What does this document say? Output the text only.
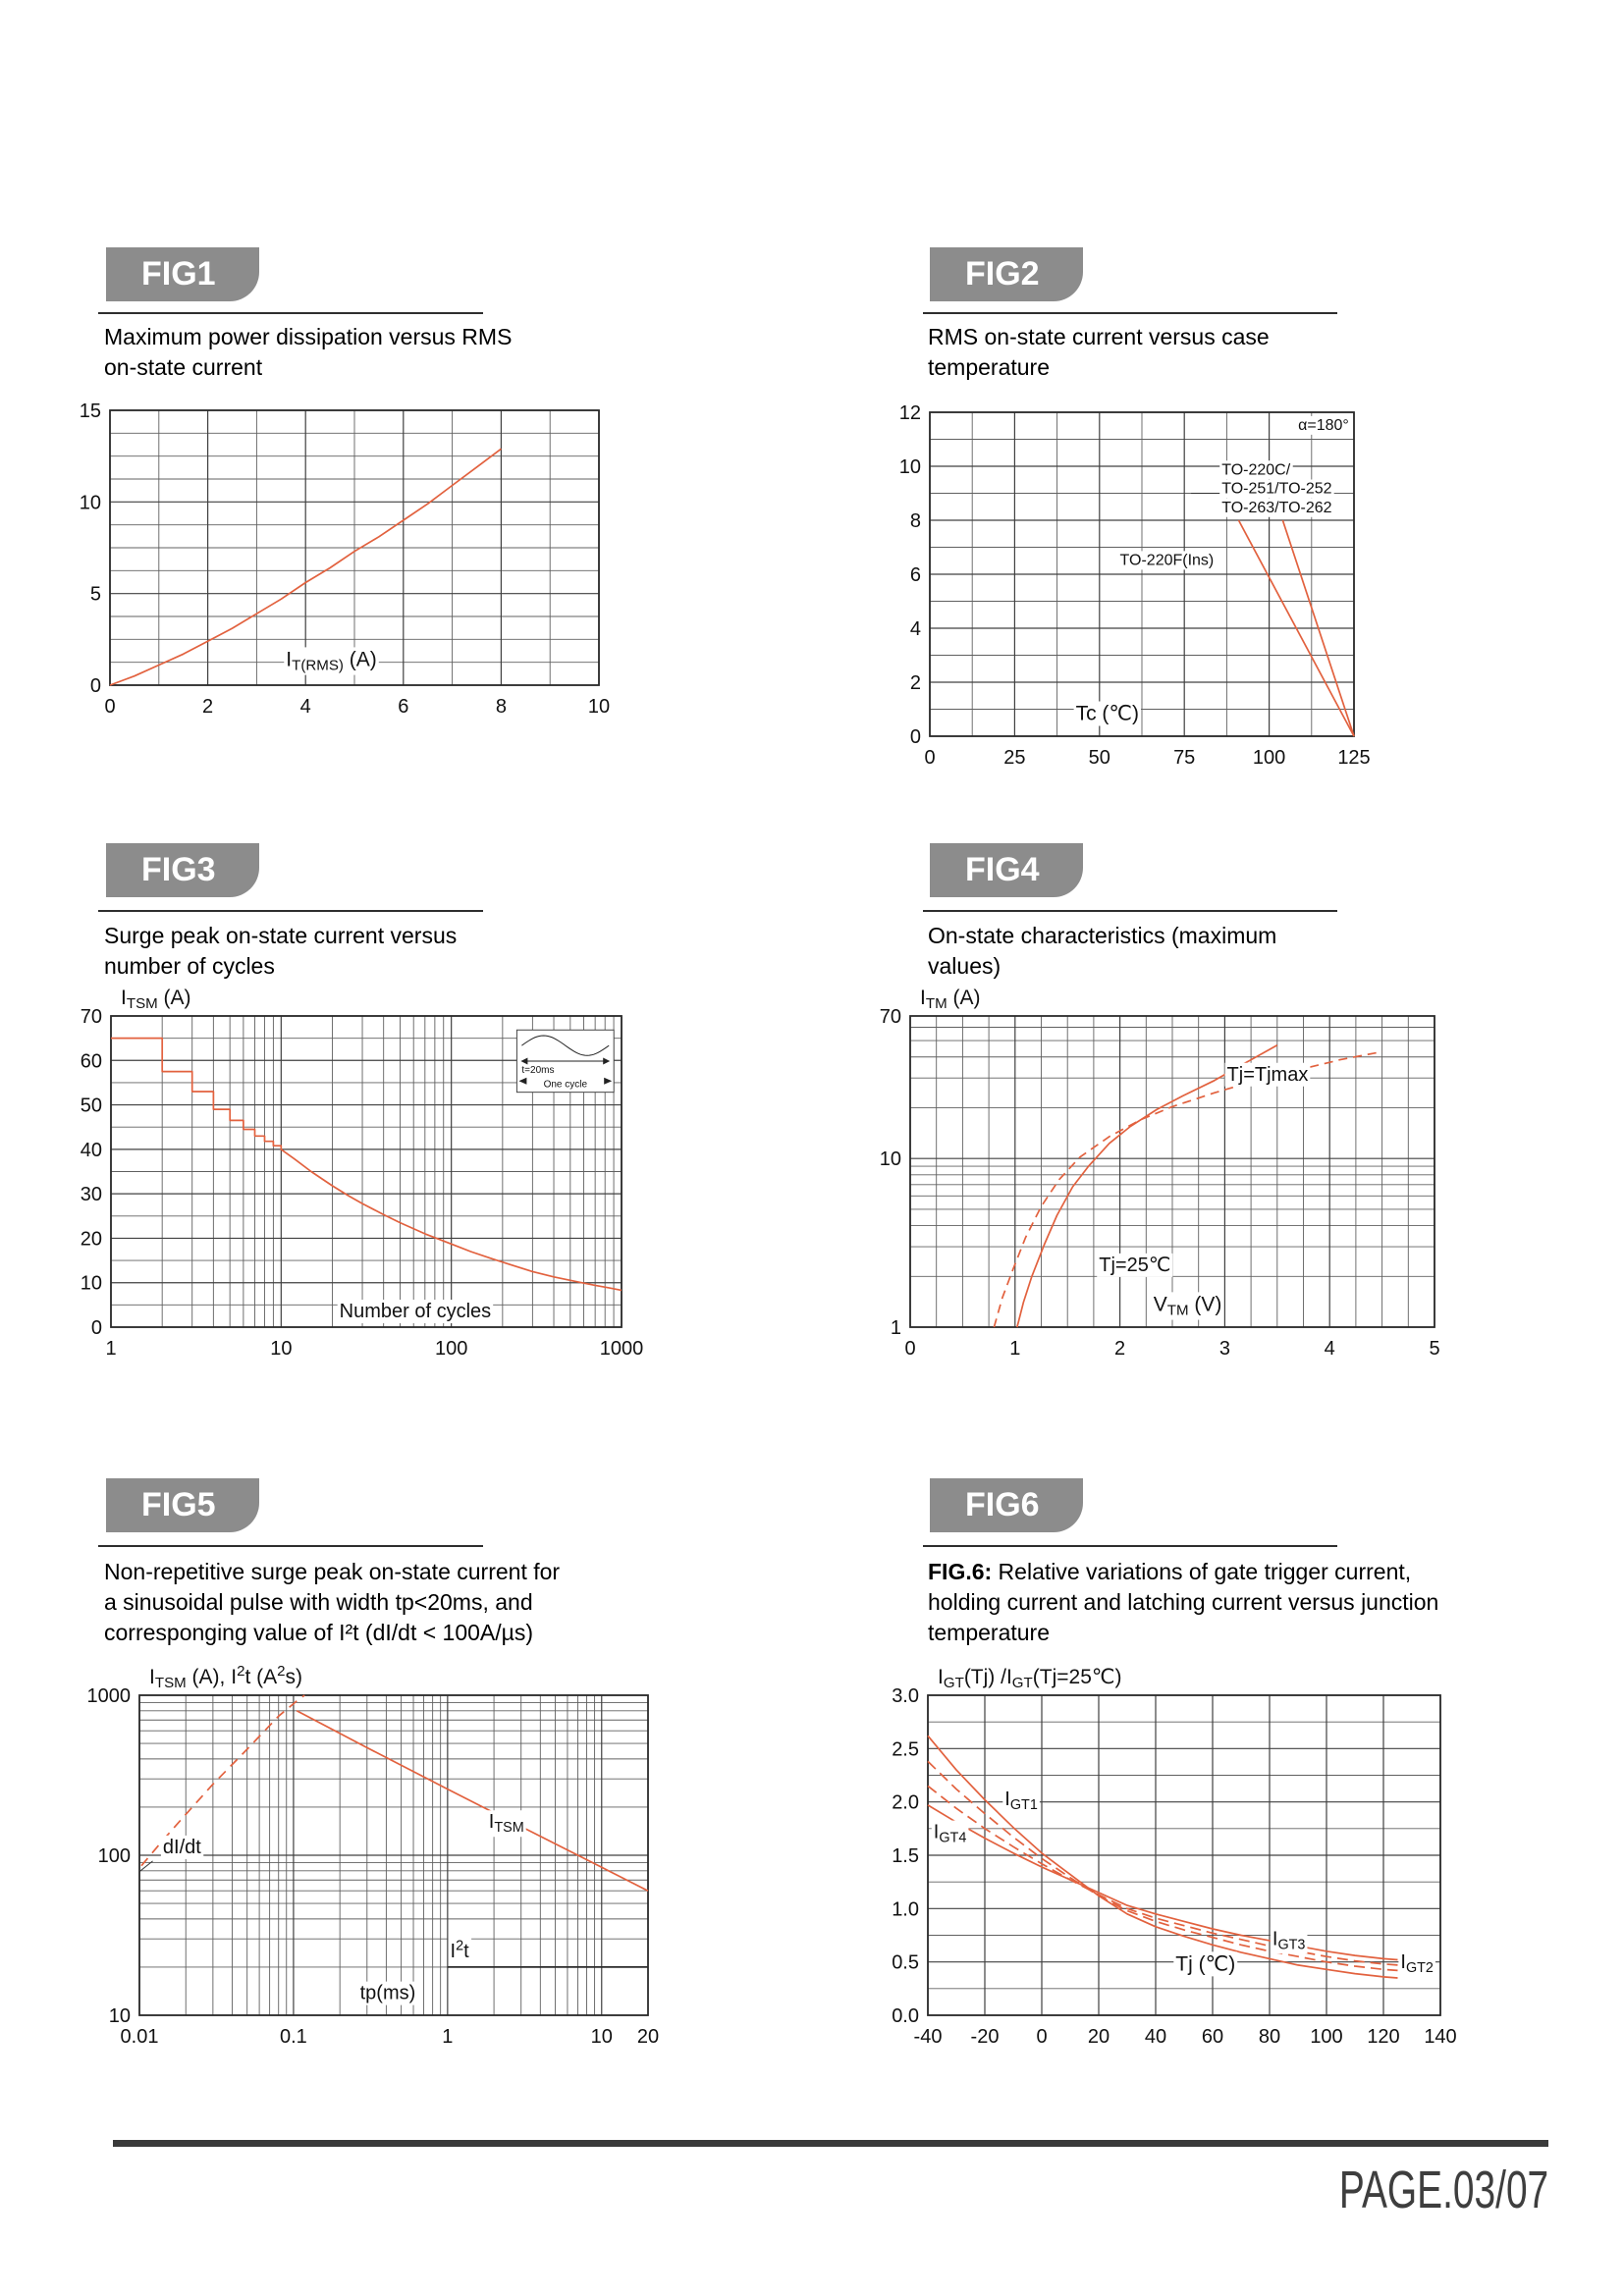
FIG1
Maximum power dissipation versus RMS on-state current
0	2	4	6	8	10
0
5
10
15
$I_{T(RMS)}$ (A)
FIG2
RMS on-state current versus case temperature
0	25	50	75	100	125
0
2
4
6
8
10
12
α=180°
TO-220C/
TO-251/TO-252
TO-263/TO-262
TO-220F(Ins)
Tc (℃)
FIG3
Surge peak on-state current versus number of cycles
1	10	100	1000
0
10
20
30
40
50
60
70
$I_{TSM}$ (A)
t=20ms
One cycle
Number of cycles
FIG4
On-state characteristics (maximum values)
0	1	2	3	4	5
1
10
70
$I_{TM}$ (A)
Tj=Tjmax
Tj=25℃
$V_{TM}$ (V)
FIG5
Non-repetitive surge peak on-state current for a sinusoidal pulse with width tp<20ms, and corresponging value of I²t (dI/dt < 100A/µs)
0.01	0.1	1	10 20
10
100
1000
$I_{TSM}$ (A), $I^2t$ $(A^2s)$
dI/dt
$I_{TSM}$
$I^2t$
tp(ms)
FIG6
FIG.6: Relative variations of gate trigger current, holding current and latching current versus junction temperature
-40 -20 0 20 40 60 80 100 120 140
0.0
0.5
1.0
1.5
2.0
2.5
3.0
$I_{GT}(Tj)$ $/I_{GT}(Tj=25℃)$
$I_{GT1}$
$I_{GT4}$
$I_{GT3}$
$I_{GT2}$
Tj (℃)
PAGE.03/07
